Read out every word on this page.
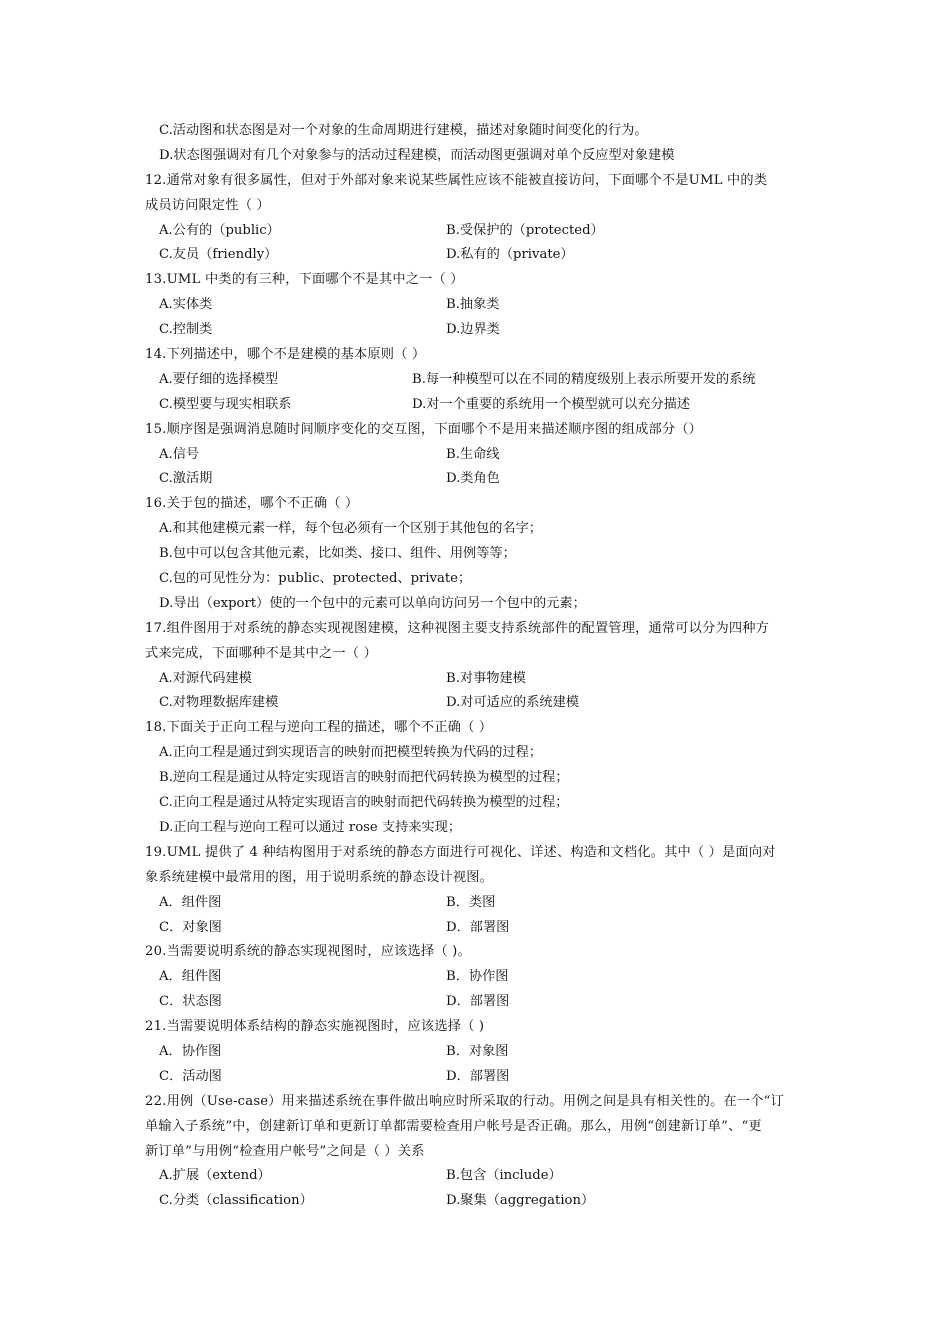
C.活动图和状态图是对一个对象的生命周期进行建模，描述对象随时间变化的行为。
D.状态图强调对有几个对象参与的活动过程建模，而活动图更强调对单个反应型对象建模
12.通常对象有很多属性，但对于外部对象来说某些属性应该不能被直接访问，下面哪个不是UML 中的类
成员访问限定性（ ）
A.公有的（public）	B.受保护的（protected）
C.友员（friendly）	D.私有的（private）
13.UML 中类的有三种，下面哪个不是其中之一（ ）
A.实体类	B.抽象类
C.控制类	D.边界类
14.下列描述中，哪个不是建模的基本原则（ ）
A.要仔细的选择模型	B.每一种模型可以在不同的精度级别上表示所要开发的系统
C.模型要与现实相联系	D.对一个重要的系统用一个模型就可以充分描述
15.顺序图是强调消息随时间顺序变化的交互图，下面哪个不是用来描述顺序图的组成部分（）
A.信号	B.生命线
C.激活期	D.类角色
16.关于包的描述，哪个不正确（ ）
A.和其他建模元素一样，每个包必须有一个区别于其他包的名字；
B.包中可以包含其他元素，比如类、接口、组件、用例等等；
C.包的可见性分为：public、protected、private；
D.导出（export）使的一个包中的元素可以单向访问另一个包中的元素；
17.组件图用于对系统的静态实现视图建模，这种视图主要支持系统部件的配置管理，通常可以分为四种方
式来完成，下面哪种不是其中之一（ ）
A.对源代码建模	B.对事物建模
C.对物理数据库建模	D.对可适应的系统建模
18.下面关于正向工程与逆向工程的描述，哪个不正确（ ）
A.正向工程是通过到实现语言的映射而把模型转换为代码的过程；
B.逆向工程是通过从特定实现语言的映射而把代码转换为模型的过程；
C.正向工程是通过从特定实现语言的映射而把代码转换为模型的过程；
D.正向工程与逆向工程可以通过 rose 支持来实现；
19.UML 提供了 4 种结构图用于对系统的静态方面进行可视化、详述、构造和文档化。其中（ ）是面向对
象系统建模中最常用的图，用于说明系统的静态设计视图。
A．组件图	B．类图
C．对象图	D．部署图
20.当需要说明系统的静态实现视图时，应该选择（ )。
A．组件图	B．协作图
C．状态图	D．部署图
21.当需要说明体系结构的静态实施视图时，应该选择（ )
A．协作图	B．对象图
C．活动图	D．部署图
22.用例（Use-case）用来描述系统在事件做出响应时所采取的行动。用例之间是具有相关性的。在一个“订
单输入子系统”中，创建新订单和更新订单都需要检查用户帐号是否正确。那么，用例“创建新订单”、“更
新订单”与用例“检查用户帐号”之间是（ ）关系
A.扩展（extend）	B.包含（include）
C.分类（classification）	D.聚集（aggregation）
